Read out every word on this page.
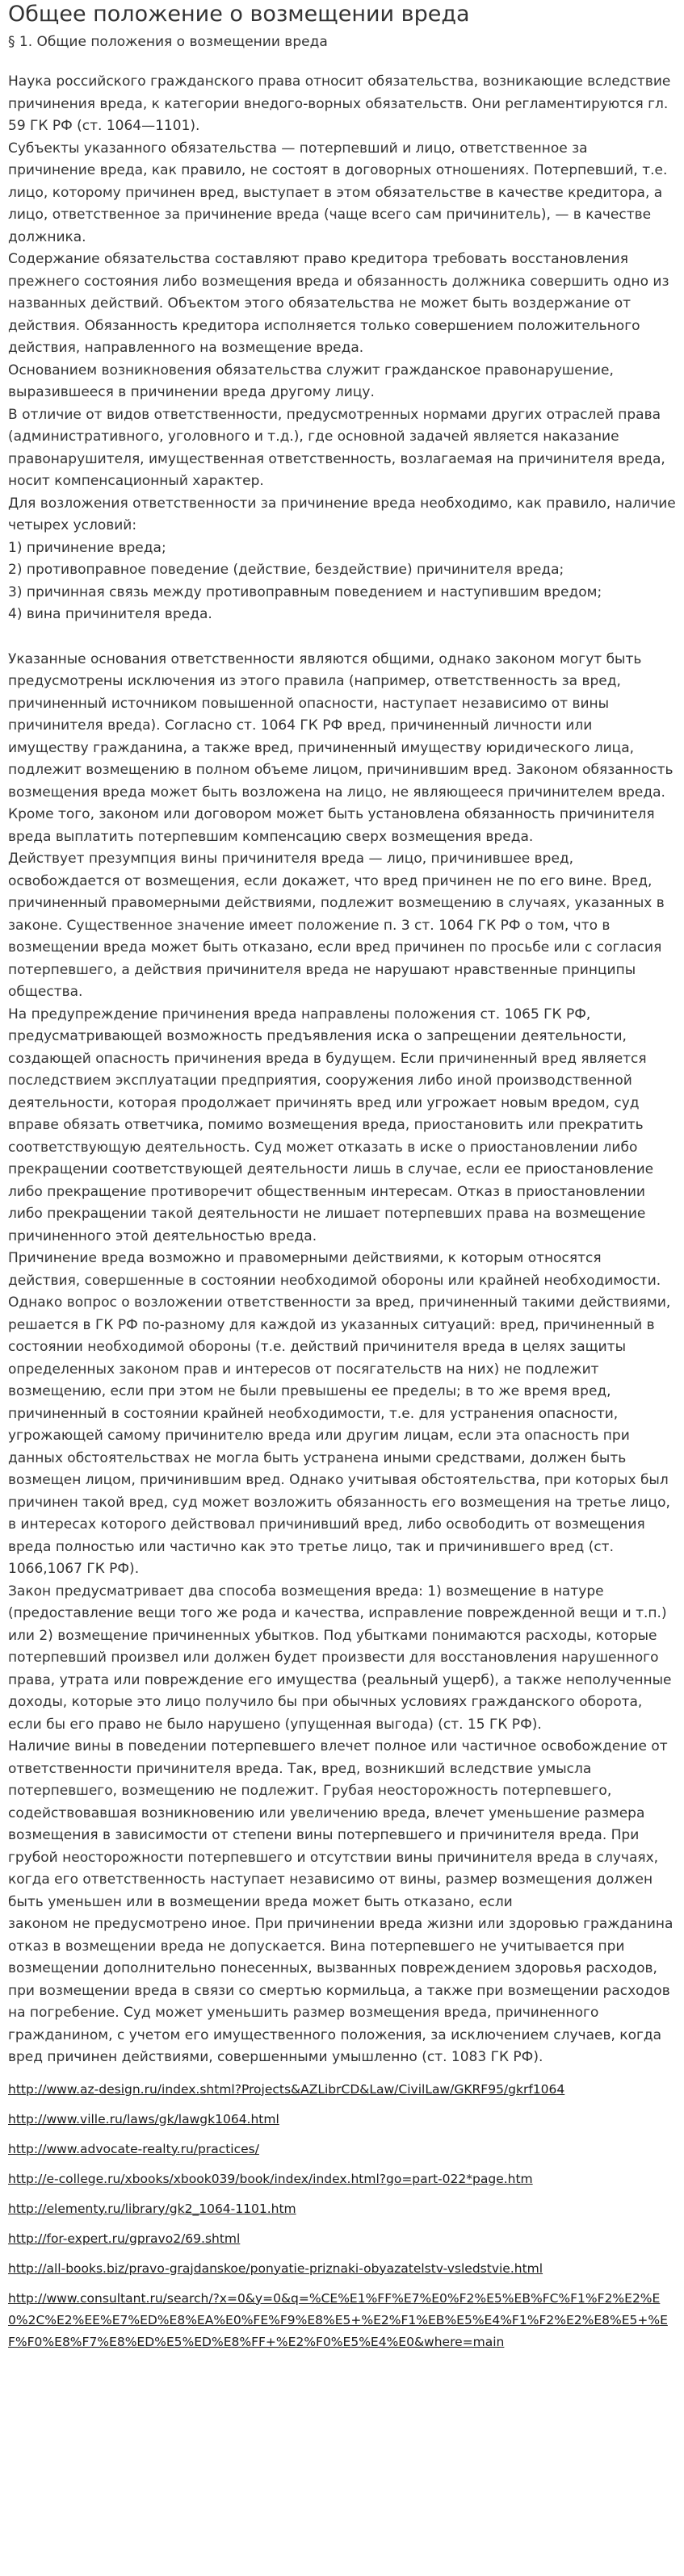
Общее положение о возмещении вреда
§ 1. Общие положения о возмещении вреда

Наука российского гражданского права относит обязательства, возникающие вследствие причинения вреда, к категории внедого-ворных обязательств. Они регламентируются гл. 59 ГК РФ (ст. 1064—1101).

Субъекты указанного обязательства — потерпевший и лицо, ответственное за причинение вреда, как правило, не состоят в договорных отношениях. Потерпевший, т.е. лицо, которому причинен вред, выступает в этом обязательстве в качестве кредитора, а лицо, ответственное за причинение вреда (чаще всего сам причинитель), — в качестве должника.

Содержание обязательства составляют право кредитора требовать восстановления прежнего состояния либо возмещения вреда и обязанность должника совершить одно из названных действий. Объектом этого обязательства не может быть воздержание от действия. Обязанность кредитора исполняется только совершением положительного действия, направленного на возмещение вреда.

Основанием возникновения обязательства служит гражданское правонарушение, выразившееся в причинении вреда другому лицу.

В отличие от видов ответственности, предусмотренных нормами других отраслей права (административного, уголовного и т.д.), где основной задачей является наказание правонарушителя, имущественная ответственность, возлагаемая на причинителя вреда, носит компенсационный характер.

Для возложения ответственности за причинение вреда необходимо, как правило, наличие четырех условий:

1) причинение вреда;

2) противоправное поведение (действие, бездействие) причинителя вреда;

3) причинная связь между противоправным поведением и наступившим вредом;

4) вина причинителя вреда.

Указанные основания ответственности являются общими, однако законом могут быть предусмотрены исключения из этого правила (например, ответственность за вред, причиненный источником повышенной опасности, наступает независимо от вины причинителя вреда). Согласно ст. 1064 ГК РФ вред, причиненный личности или имуществу гражданина, а также вред, причиненный имуществу юридического лица, подлежит возмещению в полном объеме лицом, причинившим вред. Законом обязанность возмещения вреда может быть возложена на лицо, не являющееся причинителем вреда. Кроме того, законом или договором может быть установлена обязанность причинителя вреда выплатить потерпевшим компенсацию сверх возмещения вреда.

Действует презумпция вины причинителя вреда — лицо, причинившее вред, освобождается от возмещения, если докажет, что вред причинен не по его вине. Вред, причиненный правомерными действиями, подлежит возмещению в случаях, указанных в законе. Существенное значение имеет положение п. 3 ст. 1064 ГК РФ о том, что в возмещении вреда может быть отказано, если вред причинен по просьбе или с согласия потерпевшего, а действия причинителя вреда не нарушают нравственные принципы общества.

На предупреждение причинения вреда направлены положения ст. 1065 ГК РФ, предусматривающей возможность предъявления иска о запрещении деятельности, создающей опасность причинения вреда в будущем. Если причиненный вред является последствием эксплуатации предприятия, сооружения либо иной производственной деятельности, которая продолжает причинять вред или угрожает новым вредом, суд вправе обязать ответчика, помимо возмещения вреда, приостановить или прекратить соответствующую деятельность. Суд может отказать в иске о приостановлении либо прекращении соответствующей деятельности лишь в случае, если ее приостановление либо прекращение противоречит общественным интересам. Отказ в приостановлении либо прекращении такой деятельности не лишает потерпевших права на возмещение причиненного этой деятельностью вреда.

Причинение вреда возможно и правомерными действиями, к которым относятся действия, совершенные в состоянии необходимой обороны или крайней необходимости. Однако вопрос о возложении ответственности за вред, причиненный такими действиями, решается в ГК РФ по-разному для каждой из указанных ситуаций: вред, причиненный в состоянии необходимой обороны (т.е. действий причинителя вреда в целях защиты определенных законом прав и интересов от посягательств на них) не подлежит возмещению, если при этом не были превышены ее пределы; в то же время вред, причиненный в состоянии крайней необходимости, т.е. для устранения опасности, угрожающей самому причинителю вреда или другим лицам, если эта опасность при данных обстоятельствах не могла быть устранена иными средствами, должен быть возмещен лицом, причинившим вред. Однако учитывая обстоятельства, при которых был причинен такой вред, суд может возложить обязанность его возмещения на третье лицо, в интересах которого действовал причинивший вред, либо освободить от возмещения вреда полностью или частично как это третье лицо, так и причинившего вред (ст. 1066,1067 ГК РФ).

Закон предусматривает два способа возмещения вреда: 1) возмещение в натуре (предоставление вещи того же рода и качества, исправление поврежденной вещи и т.п.) или 2) возмещение причиненных убытков. Под убытками понимаются расходы, которые потерпевший произвел или должен будет произвести для восстановления нарушенного права, утрата или повреждение его имущества (реальный ущерб), а также неполученные доходы, которые это лицо получило бы при обычных условиях гражданского оборота, если бы его право не было нарушено (упущенная выгода) (ст. 15 ГК РФ).

Наличие вины в поведении потерпевшего влечет полное или частичное освобождение от ответственности причинителя вреда. Так, вред, возникший вследствие умысла потерпевшего, возмещению не подлежит. Грубая неосторожность потерпевшего, содействовавшая возникновению или увеличению вреда, влечет уменьшение размера возмещения в зависимости от степени вины потерпевшего и причинителя вреда. При грубой неосторожности потерпевшего и отсутствии вины причинителя вреда в случаях, когда его ответственность наступает независимо от вины, размер возмещения должен быть уменьшен или в возмещении вреда может быть отказано, если
законом не предусмотрено иное. При причинении вреда жизни или здоровью гражданина отказ в возмещении вреда не допускается. Вина потерпевшего не учитывается при возмещении дополнительно понесенных, вызванных повреждением здоровья расходов, при возмещении вреда в связи со смертью кормильца, а также при возмещении расходов на погребение. Суд может уменьшить размер возмещения вреда, причиненного гражданином, с учетом его имущественного положения, за исключением случаев, когда вред причинен действиями, совершенными умышленно (ст. 1083 ГК РФ).

http://www.az-design.ru/index.shtml?Projects&AZLibrCD&Law/CivilLaw/GKRF95/gkrf1064
http://www.ville.ru/laws/gk/lawgk1064.html
http://www.advocate-realty.ru/practices/
http://e-college.ru/xbooks/xbook039/book/index/index.html?go=part-022*page.htm
http://elementy.ru/library/gk2_1064-1101.htm
http://for-expert.ru/gpravo2/69.shtml
http://all-books.biz/pravo-grajdanskoe/ponyatie-priznaki-obyazatelstv-vsledstvie.html
http://www.consultant.ru/search/?x=0&y=0&q=%CE%E1%FF%E7%E0%F2%E5%EB%FC%F1%F2%E2%E0%2C%E2%EE%E7%ED%E8%EA%E0%FE%F9%E8%E5+%E2%F1%EB%E5%E4%F1%F2%E2%E8%E5+%EF%F0%E8%F7%E8%ED%E5%ED%E8%FF+%E2%F0%E5%E4%E0&where=main
